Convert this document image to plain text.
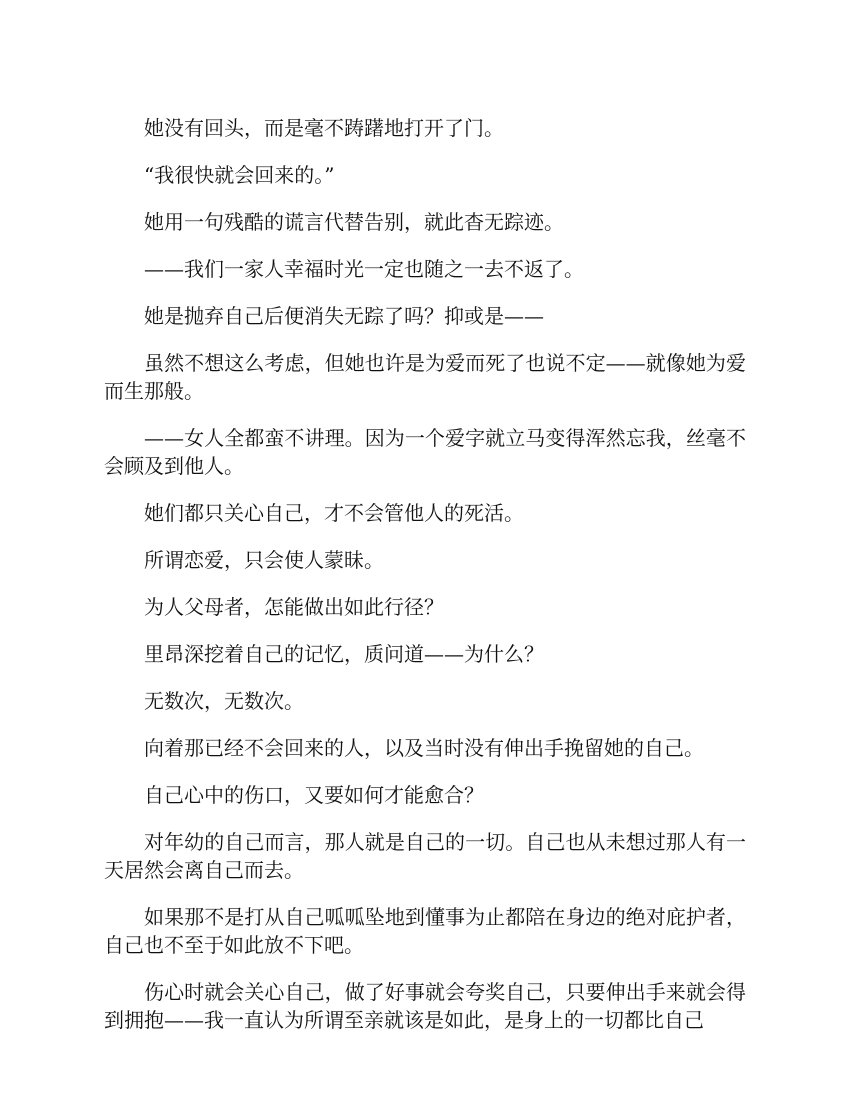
她没有回头，而是毫不踌躇地打开了门。

“我很快就会回来的。”

她用一句残酷的谎言代替告别，就此杳无踪迹。

——我们一家人幸福时光一定也随之一去不返了。

她是抛弃自己后便消失无踪了吗？抑或是——

虽然不想这么考虑，但她也许是为爱而死了也说不定——就像她为爱而生那般。

——女人全都蛮不讲理。因为一个爱字就立马变得浑然忘我，丝毫不会顾及到他人。

她们都只关心自己，才不会管他人的死活。

所谓恋爱，只会使人蒙昧。

为人父母者，怎能做出如此行径？

里昂深挖着自己的记忆，质问道——为什么？

无数次，无数次。

向着那已经不会回来的人，以及当时没有伸出手挽留她的自己。

自己心中的伤口，又要如何才能愈合？

对年幼的自己而言，那人就是自己的一切。自己也从未想过那人有一天居然会离自己而去。

如果那不是打从自己呱呱坠地到懂事为止都陪在身边的绝对庇护者，自己也不至于如此放不下吧。

伤心时就会关心自己，做了好事就会夸奖自己，只要伸出手来就会得到拥抱——我一直认为所谓至亲就该是如此，是身上的一切都比自己
